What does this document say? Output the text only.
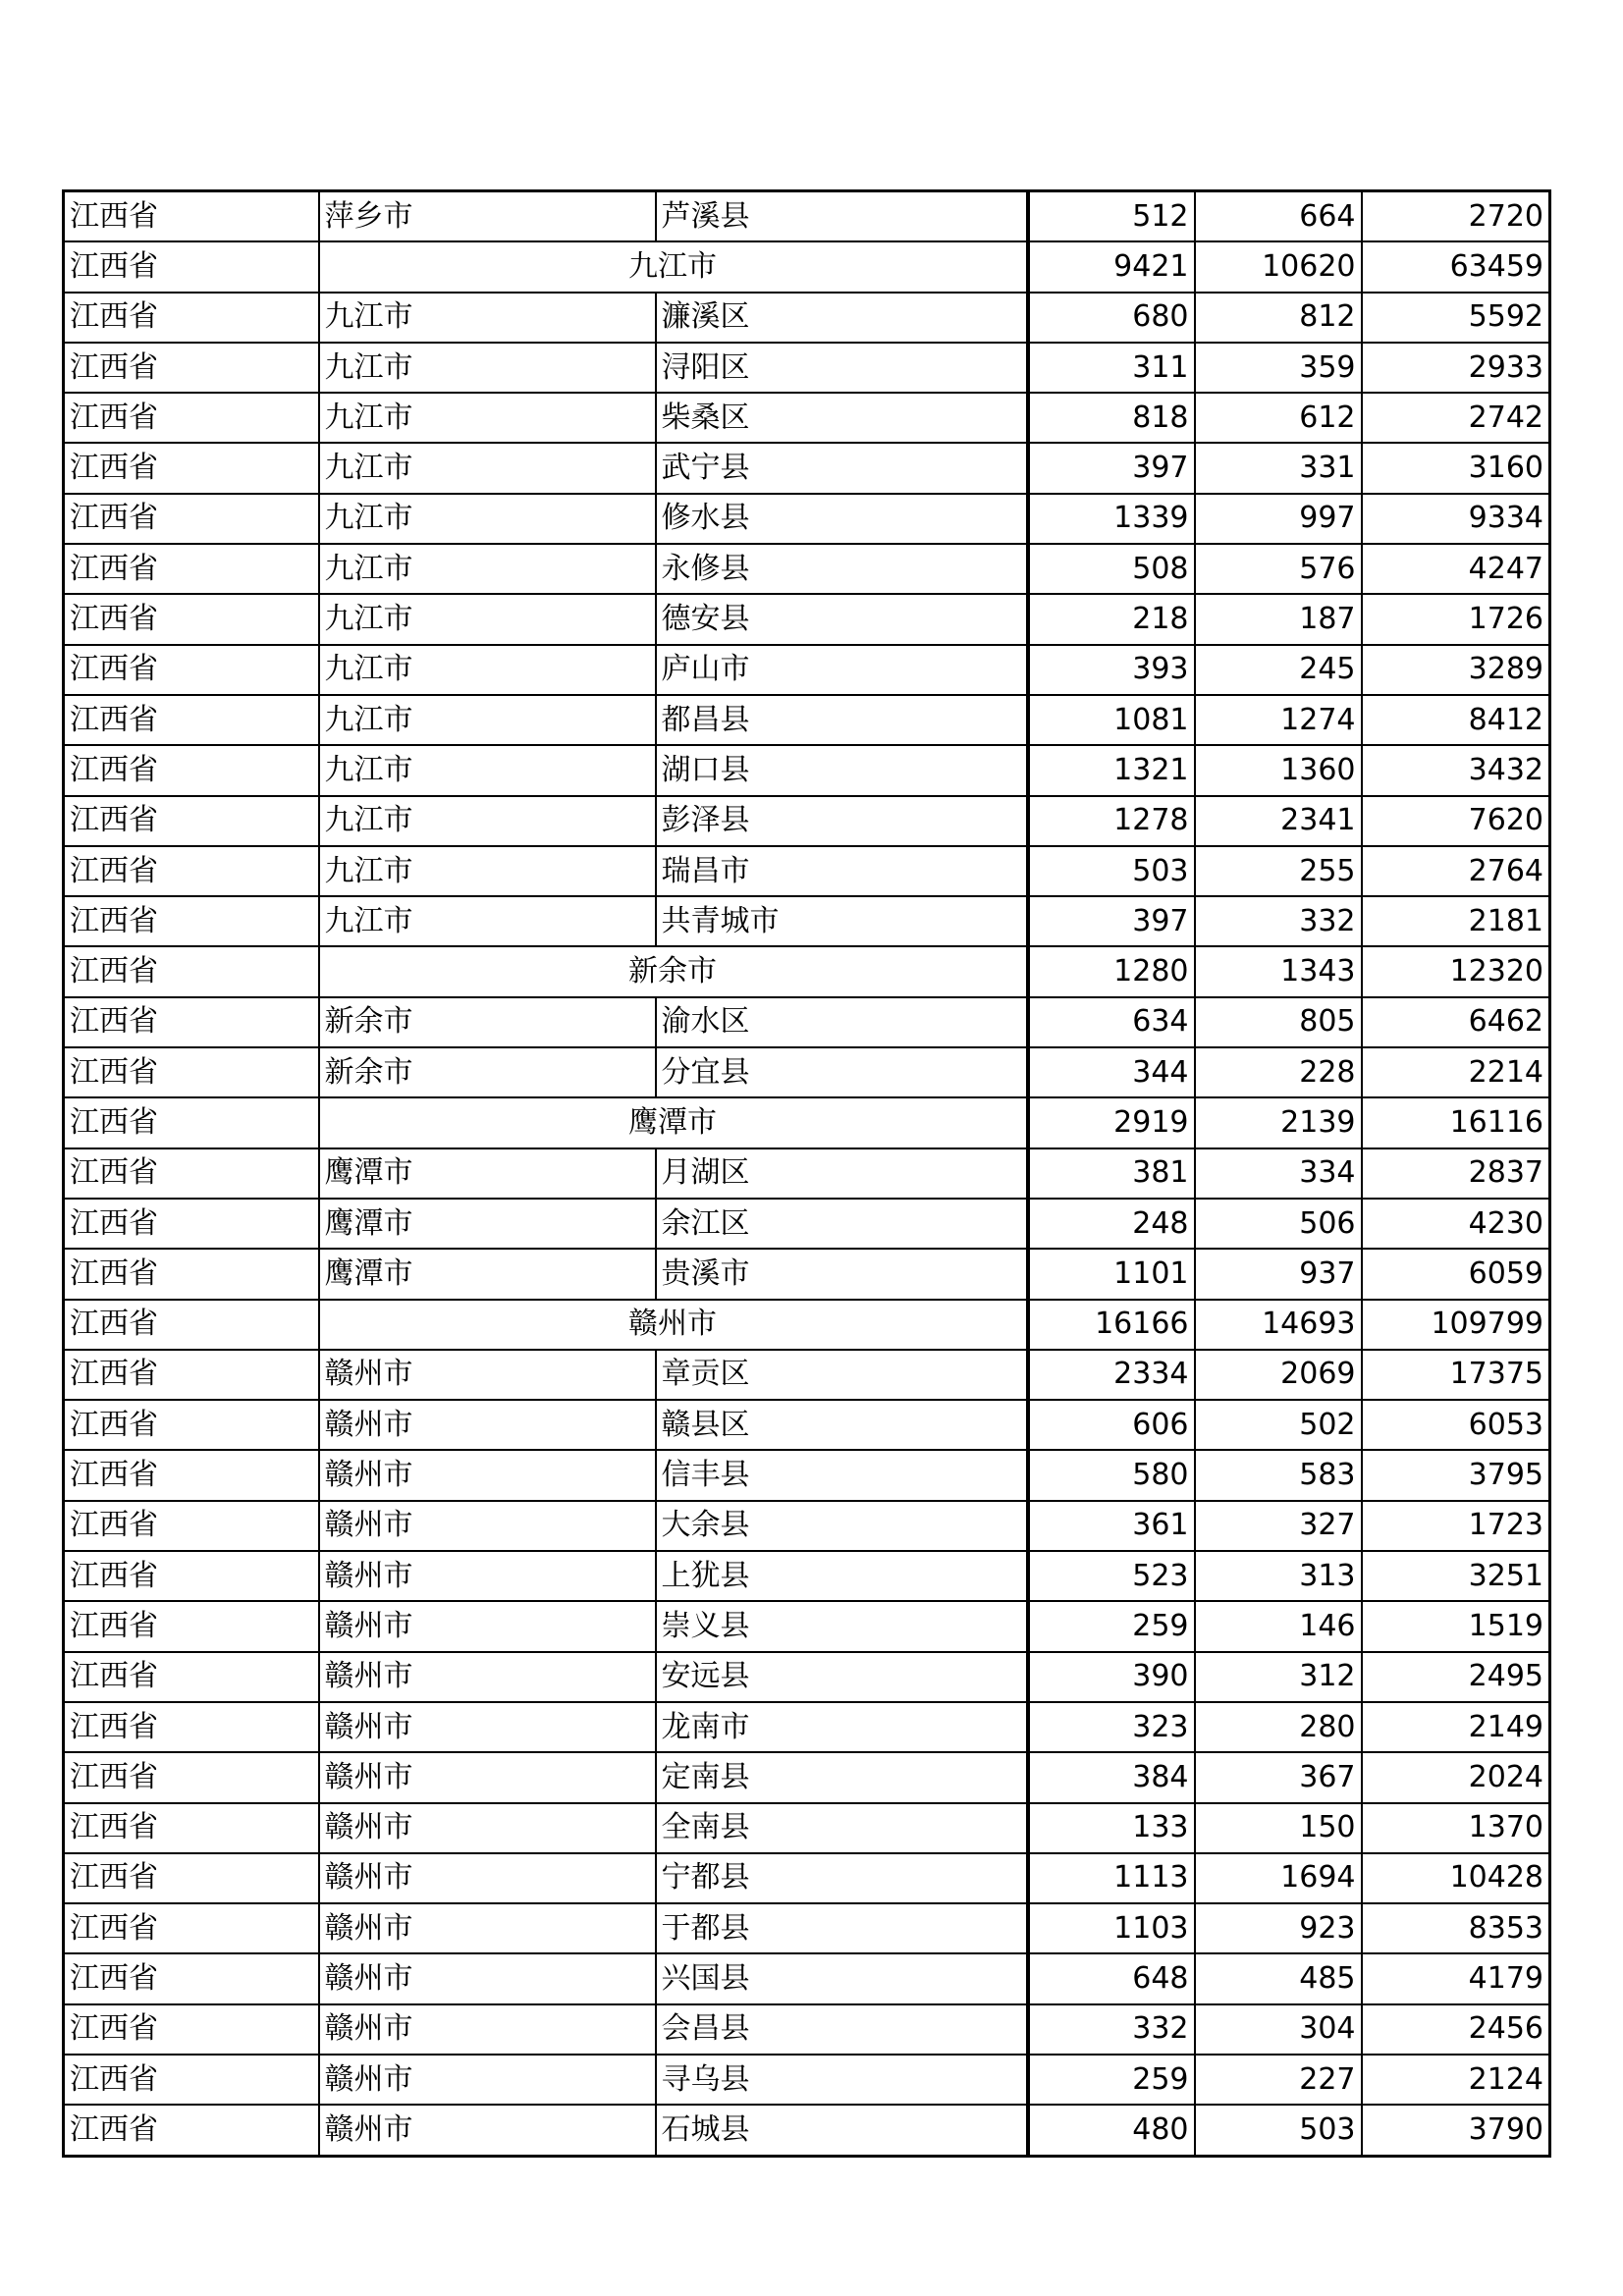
江西省	萍乡市	芦溪县	512	664	2720
江西省	九江市		9421	10620	63459
江西省	九江市	濂溪区	680	812	5592
江西省	九江市	浔阳区	311	359	2933
江西省	九江市	柴桑区	818	612	2742
江西省	九江市	武宁县	397	331	3160
江西省	九江市	修水县	1339	997	9334
江西省	九江市	永修县	508	576	4247
江西省	九江市	德安县	218	187	1726
江西省	九江市	庐山市	393	245	3289
江西省	九江市	都昌县	1081	1274	8412
江西省	九江市	湖口县	1321	1360	3432
江西省	九江市	彭泽县	1278	2341	7620
江西省	九江市	瑞昌市	503	255	2764
江西省	九江市	共青城市	397	332	2181
江西省	新余市		1280	1343	12320
江西省	新余市	渝水区	634	805	6462
江西省	新余市	分宜县	344	228	2214
江西省	鹰潭市		2919	2139	16116
江西省	鹰潭市	月湖区	381	334	2837
江西省	鹰潭市	余江区	248	506	4230
江西省	鹰潭市	贵溪市	1101	937	6059
江西省	赣州市		16166	14693	109799
江西省	赣州市	章贡区	2334	2069	17375
江西省	赣州市	赣县区	606	502	6053
江西省	赣州市	信丰县	580	583	3795
江西省	赣州市	大余县	361	327	1723
江西省	赣州市	上犹县	523	313	3251
江西省	赣州市	崇义县	259	146	1519
江西省	赣州市	安远县	390	312	2495
江西省	赣州市	龙南市	323	280	2149
江西省	赣州市	定南县	384	367	2024
江西省	赣州市	全南县	133	150	1370
江西省	赣州市	宁都县	1113	1694	10428
江西省	赣州市	于都县	1103	923	8353
江西省	赣州市	兴国县	648	485	4179
江西省	赣州市	会昌县	332	304	2456
江西省	赣州市	寻乌县	259	227	2124
江西省	赣州市	石城县	480	503	3790
